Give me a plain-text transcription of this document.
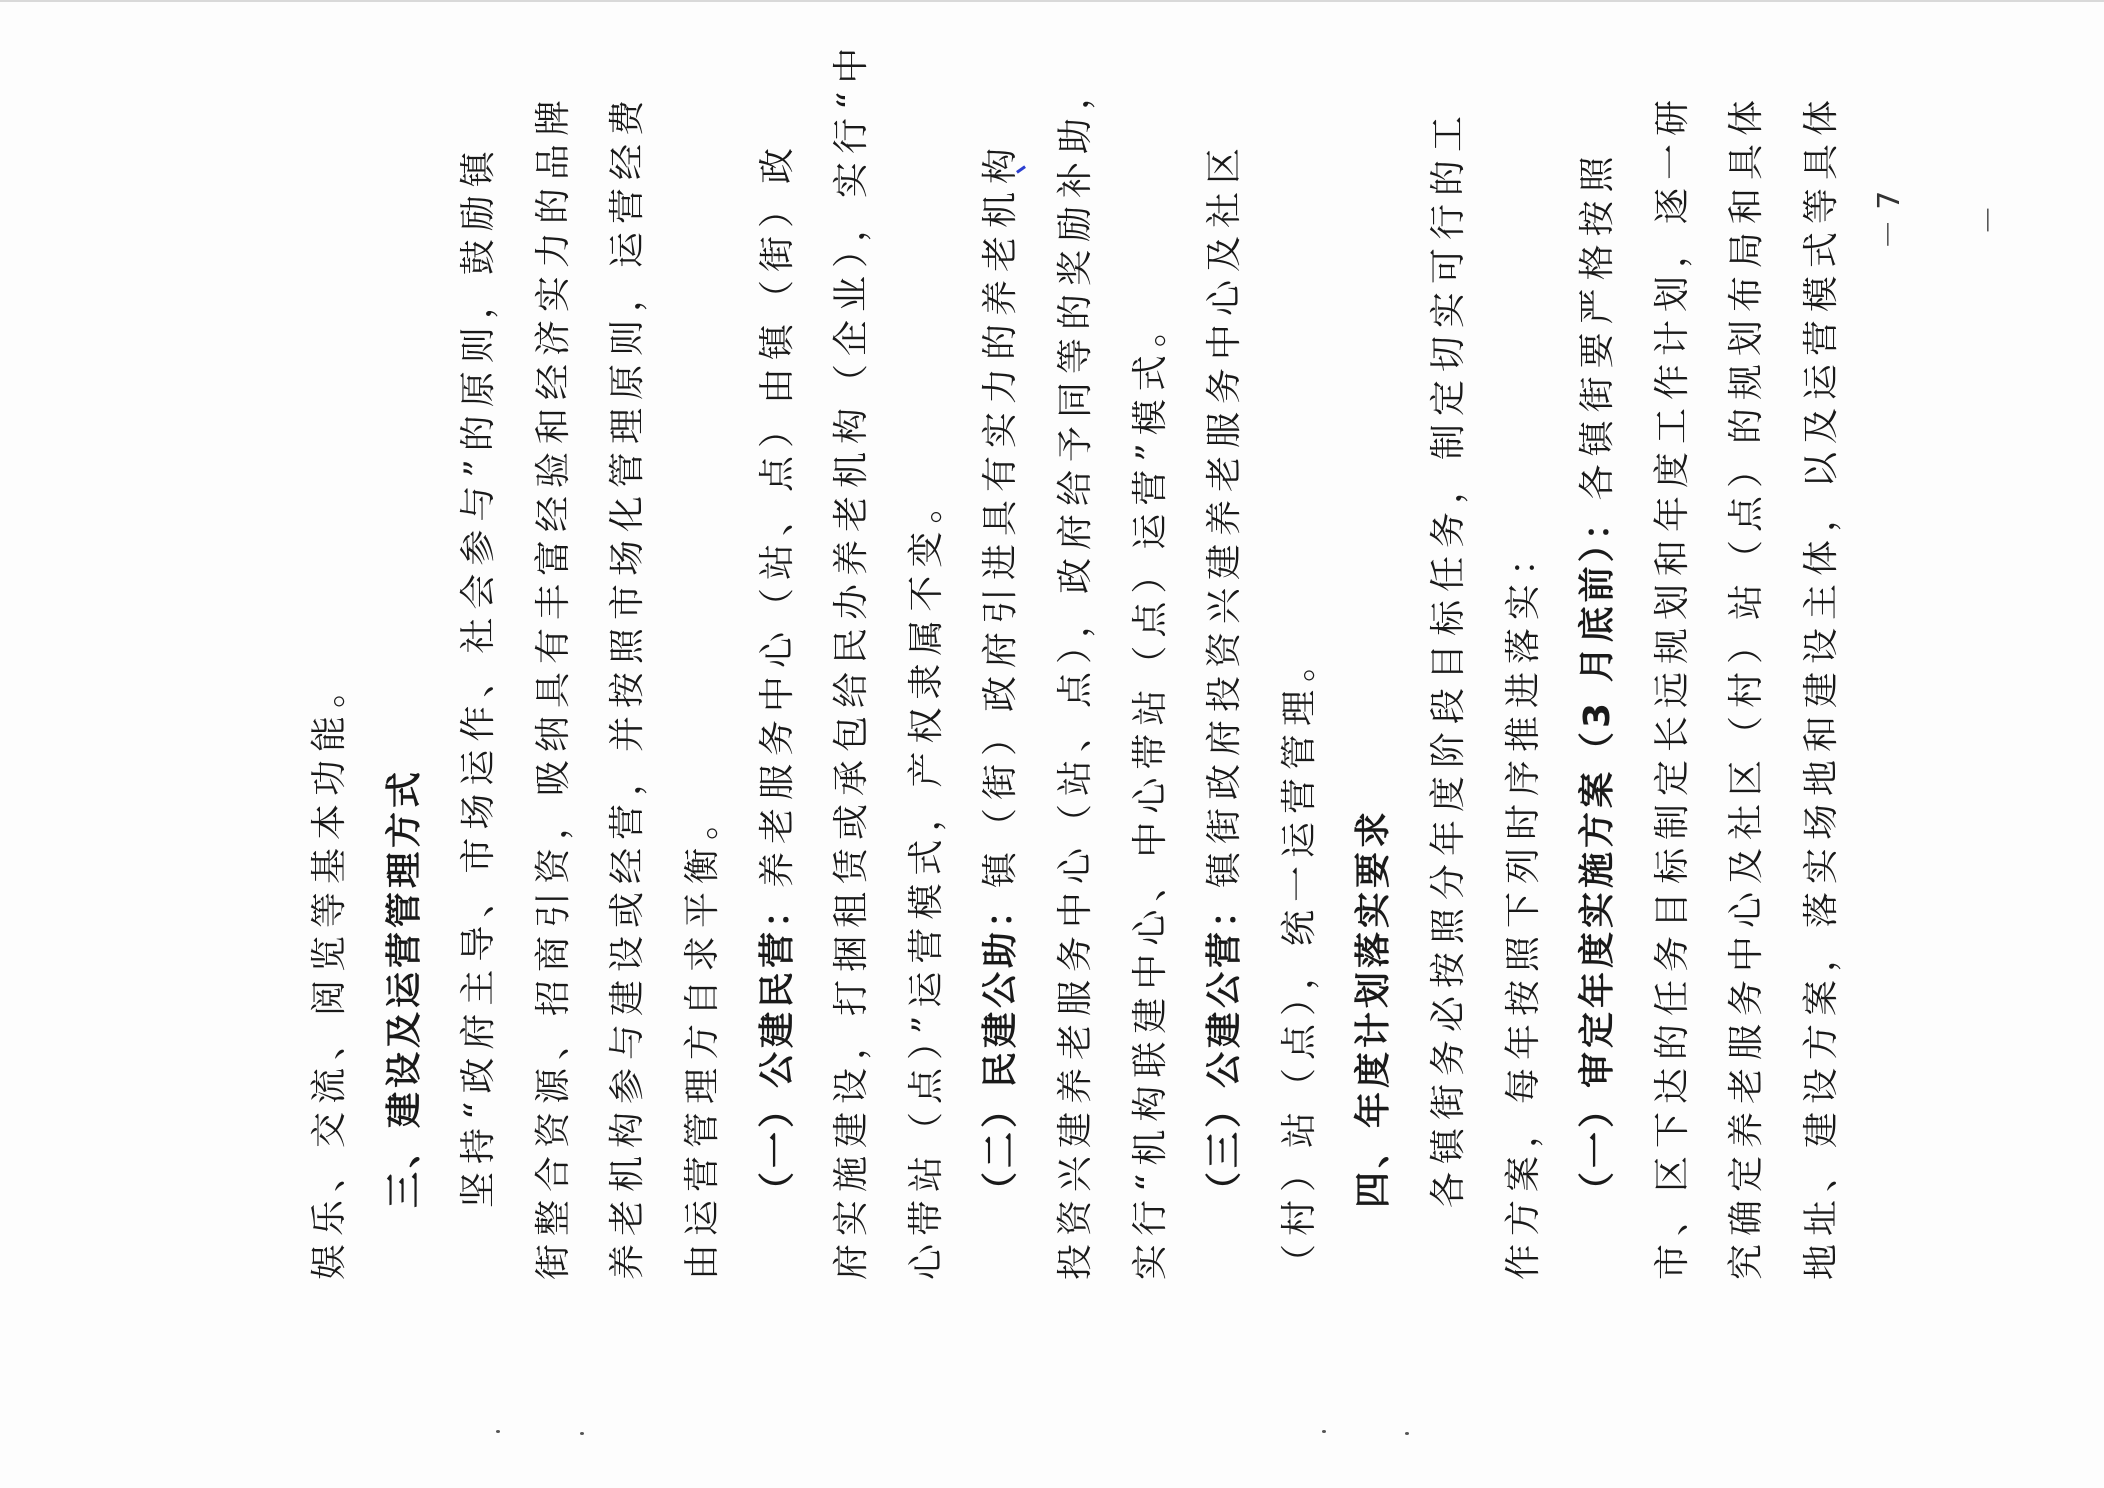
娱乐、交流、阅览等基本功能。 三、建设及运营管理方式 坚持“政府主导、市场运作、社会参与”的原则，鼓励镇 街整合资源、招商引资，吸纳具有丰富经验和经济实力的品牌 养老机构参与建设或经营，并按照市场化管理原则，运营经费 由运营管理方自求平衡。 （一）公建民营：养老服务中心（站、点）由镇（街）政 府实施建设，打捆租赁或承包给民办养老机构（企业），实行“中 心带站（点）”运营模式，产权隶属不变。 （二）民建公助：镇（街）政府引进具有实力的养老机构 投资兴建养老服务中心（站、点），政府给予同等的奖励补助， 实行“机构联建中心、中心带站（点）运营”模式。 （三）公建公营：镇街政府投资兴建养老服务中心及社区
（村）站（点），统一运营管理。 四、年度计划落实要求 各镇街务必按照分年度阶段目标任务，制定切实可行的工 作方案，每年按照下列时序推进落实： （一）审定年度实施方案（3 月底前）：各镇街要严格按照 市、区下达的任务目标制定长远规划和年度工作计划，逐一研 究确定养老服务中心及社区（村）站（点）的规划布局和具体 地址、建设方案，落实场地和建设主体，以及运营模式等具体	－ 7 －
